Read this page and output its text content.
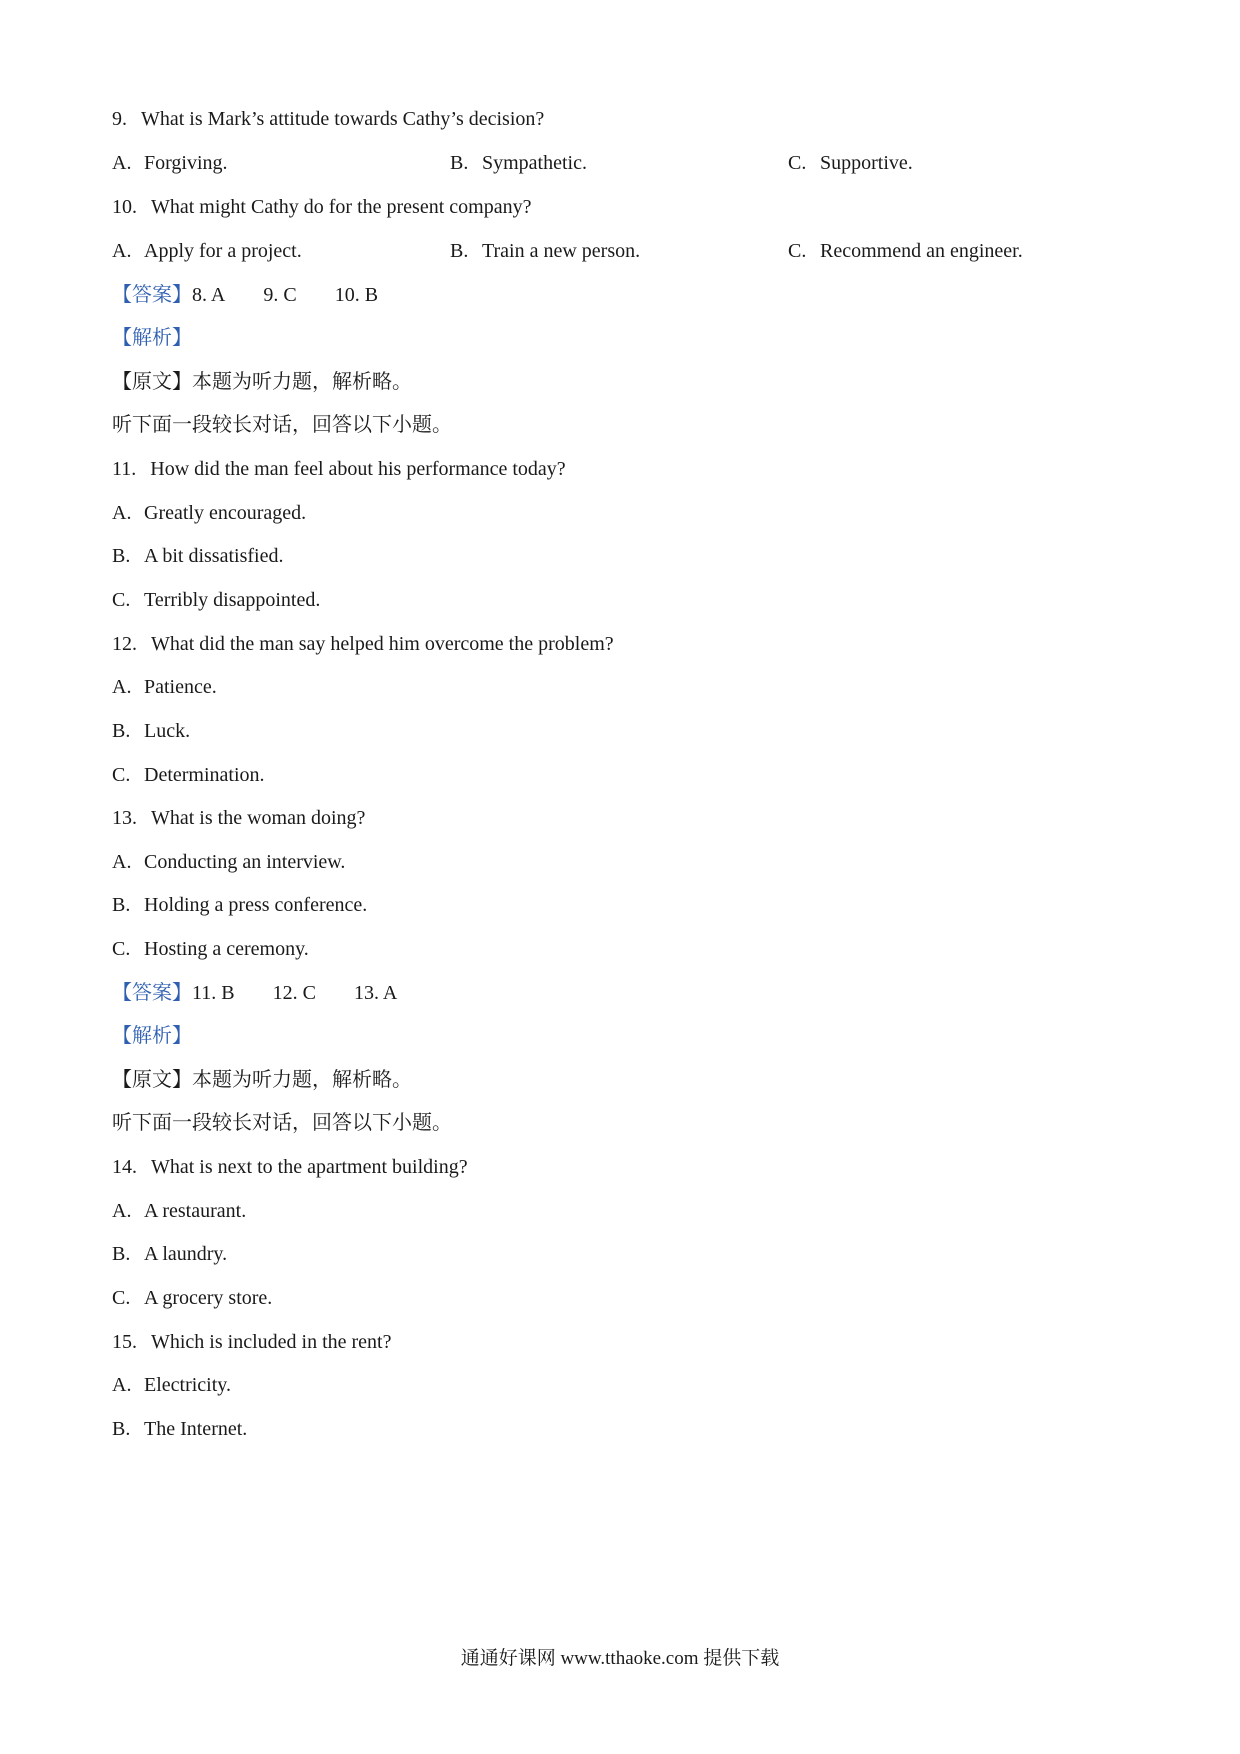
9. What is Mark’s attitude towards Cathy’s decision?
A. Forgiving.	B. Sympathetic.	C. Supportive.
10. What might Cathy do for the present company?
A. Apply for a project.	B. Train a new person.	C. Recommend an engineer.
【答案】8. A 9. C 10. B
【解析】
【原文】本题为听力题，解析略。
听下面一段较长对话，回答以下小题。
11. How did the man feel about his performance today?
A. Greatly encouraged.
B. A bit dissatisfied.
C. Terribly disappointed.
12. What did the man say helped him overcome the problem?
A. Patience.
B. Luck.
C. Determination.
13. What is the woman doing?
A. Conducting an interview.
B. Holding a press conference.
C. Hosting a ceremony.
【答案】11. B 12. C 13. A
【解析】
【原文】本题为听力题，解析略。
听下面一段较长对话，回答以下小题。
14. What is next to the apartment building?
A. A restaurant.
B. A laundry.
C. A grocery store.
15. Which is included in the rent?
A. Electricity.
B. The Internet.
通通好课网 www.tthaoke.com 提供下载
